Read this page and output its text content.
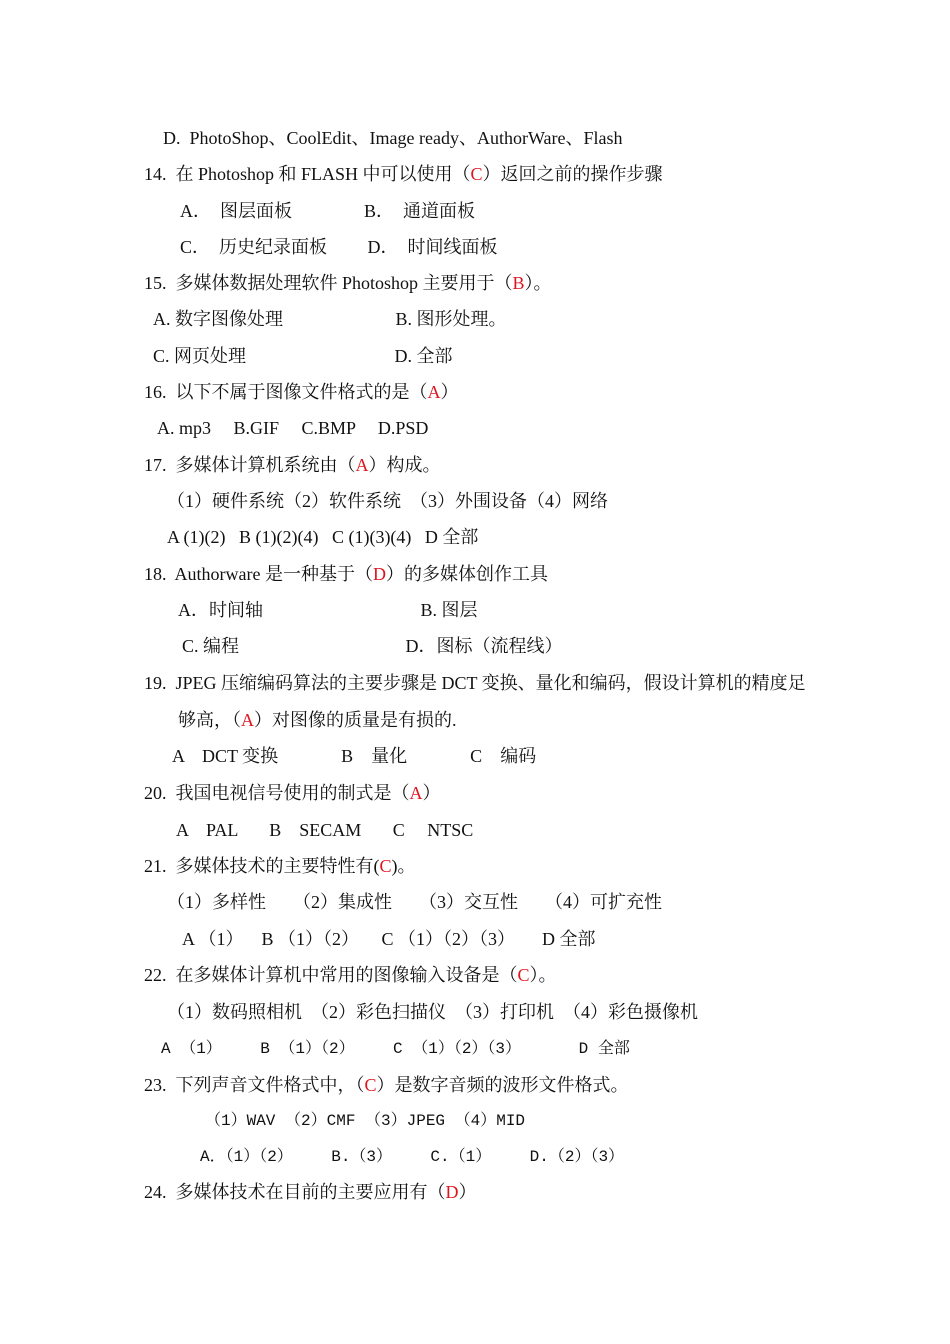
D.  PhotoShop、CoolEdit、Image ready、AuthorWare、Flash
14.  在 Photoshop 和 FLASH 中可以使用（C）返回之前的操作步骤
A．  图层面板                B．  通道面板
C．  历史纪录面板         D．  时间线面板
15.  多媒体数据处理软件 Photoshop 主要用于（B）。
A. 数字图像处理                         B. 图形处理。
C. 网页处理                                 D. 全部
16.  以下不属于图像文件格式的是（A）
A. mp3     B.GIF     C.BMP     D.PSD
17.  多媒体计算机系统由（A）构成。
（1）硬件系统（2）软件系统  （3）外围设备（4）网络
A (1)(2)   B (1)(2)(4)   C (1)(3)(4)   D 全部
18.  Authorware 是一种基于（D）的多媒体创作工具
A．时间轴                                   B. 图层
C. 编程                                     D．图标（流程线）
19.  JPEG 压缩编码算法的主要步骤是 DCT 变换、量化和编码，假设计算机的精度足
够高，（A）对图像的质量是有损的.
A    DCT 变换              B    量化              C    编码
20.  我国电视信号使用的制式是（A）
A    PAL       B    SECAM       C     NTSC
21.  多媒体技术的主要特性有(C)。
（1）多样性      （2）集成性      （3）交互性      （4）可扩充性
A （1）    B （1）（2）     C （1）（2）（3）      D 全部
22.  在多媒体计算机中常用的图像输入设备是（C）。
（1）数码照相机  （2）彩色扫描仪  （3）打印机  （4）彩色摄像机
A （1）    B （1）（2）    C （1）（2）（3）      D 全部
23.  下列声音文件格式中，（C）是数字音频的波形文件格式。
（1）WAV （2）CMF （3）JPEG （4）MID
A．（1）（2）    B.（3）    C.（1）    D.（2）（3）
24.  多媒体技术在目前的主要应用有（D）
